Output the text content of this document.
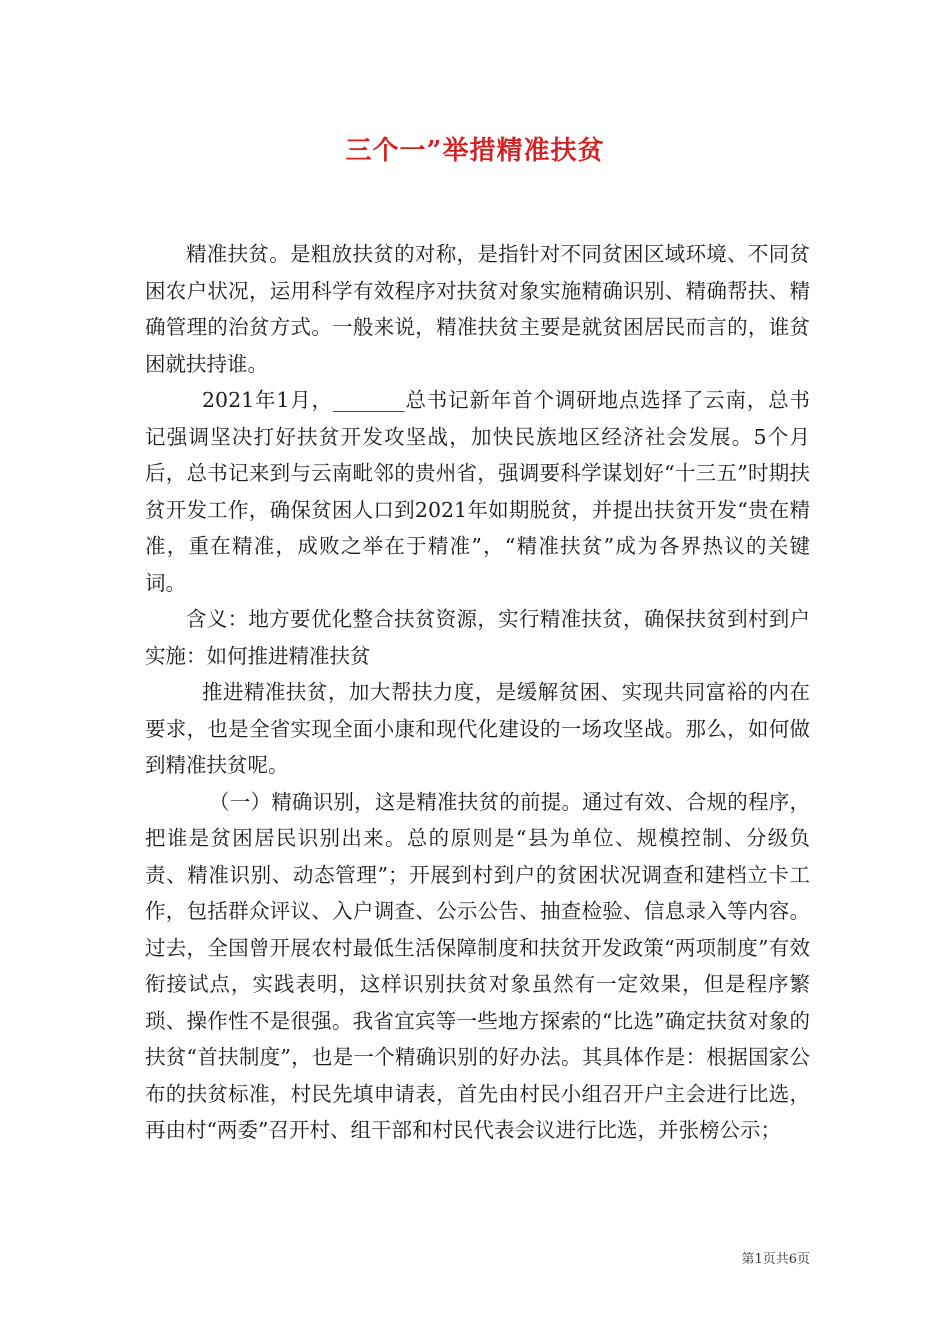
三个一”举措精准扶贫

精准扶贫。是粗放扶贫的对称，是指针对不同贫困区域环境、不同贫困农户状况，运用科学有效程序对扶贫对象实施精确识别、精确帮扶、精确管理的治贫方式。一般来说，精准扶贫主要是就贫困居民而言的，谁贫困就扶持谁。

2021年1月，_______总书记新年首个调研地点选择了云南，总书记强调坚决打好扶贫开发攻坚战，加快民族地区经济社会发展。5个月后，总书记来到与云南毗邻的贵州省，强调要科学谋划好“十三五”时期扶贫开发工作，确保贫困人口到2021年如期脱贫，并提出扶贫开发“贵在精准，重在精准，成败之举在于精准”，“精准扶贫”成为各界热议的关键词。

含义：地方要优化整合扶贫资源，实行精准扶贫，确保扶贫到村到户实施：如何推进精准扶贫

推进精准扶贫，加大帮扶力度，是缓解贫困、实现共同富裕的内在要求，也是全省实现全面小康和现代化建设的一场攻坚战。那么，如何做到精准扶贫呢。

（一）精确识别，这是精准扶贫的前提。通过有效、合规的程序，把谁是贫困居民识别出来。总的原则是“县为单位、规模控制、分级负责、精准识别、动态管理”；开展到村到户的贫困状况调查和建档立卡工作，包括群众评议、入户调查、公示公告、抽查检验、信息录入等内容。过去，全国曾开展农村最低生活保障制度和扶贫开发政策“两项制度”有效衔接试点，实践表明，这样识别扶贫对象虽然有一定效果，但是程序繁琐、操作性不是很强。我省宜宾等一些地方探索的“比选”确定扶贫对象的扶贫“首扶制度”，也是一个精确识别的好办法。其具体作是：根据国家公布的扶贫标准，村民先填申请表，首先由村民小组召开户主会进行比选，再由村“两委”召开村、组干部和村民代表会议进行比选，并张榜公示；

第1页共6页
